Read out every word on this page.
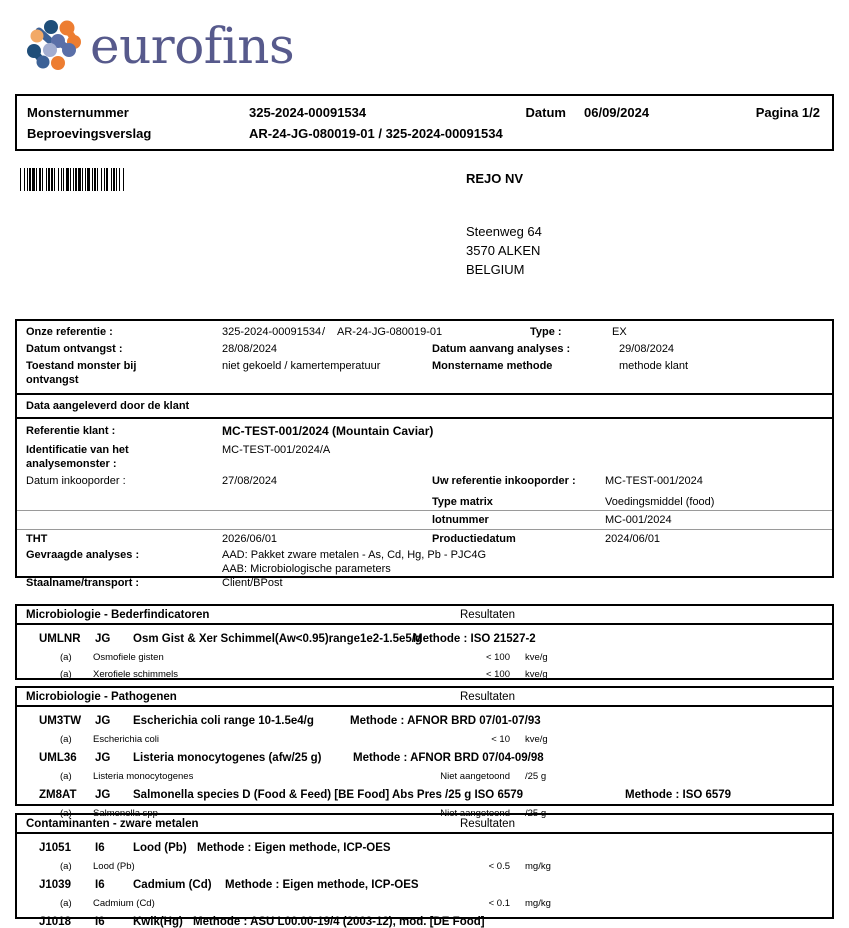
eurofins
Monsternummer	325-2024-00091534	Datum	06/09/2024	Pagina 1/2
Beproevingsverslag	AR-24-JG-080019-01 / 325-2024-00091534
REJO NV
Steenweg 64
3570 ALKEN
BELGIUM
Onze referentie :	325-2024-00091534 / AR-24-JG-080019-01	Type :	EX
Datum ontvangst :	28/08/2024	Datum aanvang analyses :	29/08/2024
Toestand monster bij
ontvangst
niet gekoeld / kamertemperatuur	Monstername methode	methode klant
Data aangeleverd door de klant
Referentie klant :	MC-TEST-001/2024 (Mountain Caviar)
Identificatie van het
analysemonster :
MC-TEST-001/2024/A
Datum inkooporder :	27/08/2024	Uw referentie inkooporder :	MC-TEST-001/2024
Type matrix	Voedingsmiddel (food)
lotnummer	MC-001/2024
THT	2026/06/01	Productiedatum	2024/06/01
Gevraagde analyses :	AAD: Pakket zware metalen - As, Cd, Hg, Pb - PJC4G
AAB: Microbiologische parameters
Staalname/transport :	Client/BPost
Microbiologie - Bederfindicatoren	Resultaten
UMLNR JG Osm Gist & Xer Schimmel(Aw<0.95)range1e2-1.5e5/g
Methode : ISO 21527-2
(a) Osmofiele gisten	< 100 kve/g
(a) Xerofiele schimmels	< 100 kve/g
Microbiologie - Pathogenen	Resultaten
UM3TW JG Escherichia coli range 10-1.5e4/g	Methode : AFNOR BRD 07/01-07/93
(a) Escherichia coli	< 10 kve/g
UML36 JG Listeria monocytogenes (afw/25 g)	Methode : AFNOR BRD 07/04-09/98
(a) Listeria monocytogenes	Niet aangetoond /25 g
ZM8AT JG Salmonella species D (Food & Feed) [BE Food] Abs Pres /25 g ISO 6579	Methode : ISO 6579
(a) Salmonella spp	Niet aangetoond /25 g
Contaminanten - zware metalen	Resultaten
J1051 I6 Lood (Pb) Methode : Eigen methode, ICP-OES
(a) Lood (Pb)	< 0.5 mg/kg
J1039 I6 Cadmium (Cd) Methode : Eigen methode, ICP-OES
(a) Cadmium (Cd)	< 0.1 mg/kg
J1018 I6 Kwik(Hg) Methode : ASU L00.00-19/4 (2003-12), mod. [DE Food]
